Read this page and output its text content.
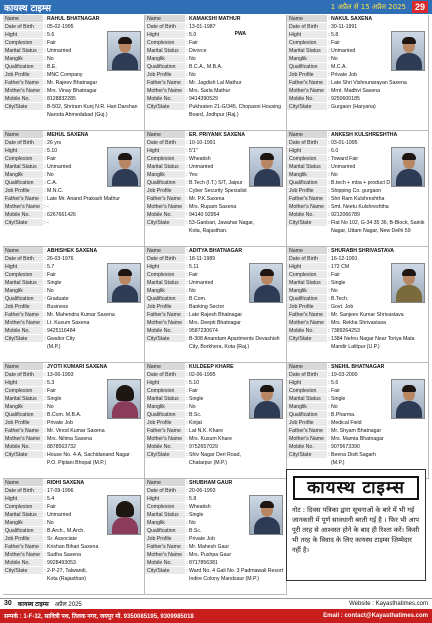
कायस्थ टाइम्स	1 अप्रैल से 15 अप्रैल 2025	29
Name	: RAHUL BHATNAGAR
Date of Birth	: 05-02-1995
Hight	: 5.6
Complexion	: Fair
Marital Status	: Unmarried
Manglik	: No
Qualification	: B.E.
Job Profile	: MNC Company
Father's Name	: Mr. Rajeev Bhatnagar
Mother's Name : Mrs. Vinay Bhatnagar
Mobile No.	: 8128832285
City/State	: B-502, Shriram Kunj N.R. Hari Darshan
Naroda Ahmedabad (Guj.)
Name	: KAMAKSHI MATHUR
Date of Birth	: 13-01-1987
Hight	: 5.0
Complexion	: Fair
Marital Status	: Divorce
Manglik	: No
Qualification	: B.C.A., M.B.A.
Job Profile	: No
Father's Name	: Mr. Jagdish Lal Mathur
Mother's Name : Mrs. Sarla Mathur
Mobile No.	: 9414390529
City/State	: Pukhraten 21-G/345, Chopasni Housing
Board, Jodhpur (Raj.)
PWA
Name	: NAKUL SAXENA
Date of Birth	: 30-11-1991
Hight	: 5.8
Complexion	: Fair
Marital Status	: Unmarried
Manglik	: No
Qualification	: M.C.A.
Job Profile	: Private Job
Father's Name	: Late Shri Vishnunarayan Saxena
Mother's Name : Mrnt. Madhvi Saxena
Mobile No.	: 9250600185
City/State	: Gurgaon (Haryana)
Name	: MEHUL SAXENA
Date of Birth	: 26 yrs
Hight	: 5.10
Complexion	: Fair
Marital Status	: Unmarried
Manglik	: No
Qualification	: C.A.
Job Profile	: M.N.C.
Father's Name	: Late Mr. Anand Prakash Mathur
Mother's Name : -
Mobile No.	: 6267661426
City/State	: -
Name	: ER. PRIYANK SAXENA
Date of Birth	: 10-10-1991
Hight	: 5'1"
Complexion	: Wheatish
Marital Status	: Unmarried
Manglik	: Yes
Qualification	: B.Tech (I.T.) S/T, Jaipur
Job Profile	: Cyber Security Specialist
Father's Name	: Mr. P.K.Saxena
Mother's Name : Mrs. Rupam Saxena
Mobile No.	: 94140 92954
City/State	: 53-Ganbari, Jawahar Nagar,
Kota, Rajasthan.
Name	: ANKESH KULSHRESHTHA
Date of Birth	: 03-01-1995
Hight	: 6.0
Complexion	: Toward Fair
Marital Status	: Unmarried
Manglik	: No
Qualification	: B.tech + mba + product D
Job Profile	: Shipping Co. gurgaon
Father's Name	: Shri Ram Kulshreshtha
Mother's Name : Smt. Neetu Kulshreshtha
Mobile No.	: 9212066789
City/State	: Flat No 102, G-34 35 36, B-Block, Sainik
Nagar, Uttam Nagar, New Delhi 59
Name	: ABHISHEK SAXENA
Date of Birth	: 26-03-1976
Hight	: 5.7
Complexion	: Fair
Marital Status	: Single
Manglik	: No
Qualification	: Graduate
Job Profile	: Business
Father's Name	: Mr. Mahendra Kumar Saxena
Mother's Name : Lt. Kusum Saxena
Mobile No.	: 9425116484
City/State	: Gwalior City
(M.P.)
Name	: ADITYA BHATNAGAR
Date of Birth	: 18-11-1989
Hight	: 5.11
Complexion	: Fair
Marital Status	: Unmarried
Manglik	: No
Qualification	: B.Com.
Job Profile	: Banking Sector
Father's Name	: Late Rajesh Bhatnagar
Mother's Name : Mrs. Deepti Bhatnagar
Mobile No.	: 9587230674
City/State	: B-308 Anandam Apartments Devashish
City, Borkhera, Kota (Raj.)
Name	: SHURABH SHRIVASTAVA
Date of Birth	: 16-12-1991
Hight	: 172 CM
Complexion	: Fair
Marital Status	: Single
Manglik	: No
Qualification	: B.Tech.
Job Profile	: Govt. Job
Father's Name	: Mr. Sanjeev Kumar Shrivastava
Mother's Name : Mrs. Rekha Shrivastava
Mobile No.	: 7389264253
City/State	: 1384 Nehru Nagar Near Toriya Mata
Mandir Lalitpur (U.P.)
Name	: JYOTI KUMARI SAXENA
Date of Birth	: 13-06-1993
Hight	: 5.3
Complexion	: Fair
Marital Status	: Single
Manglik	: No
Qualification	: B.Com. M.B.A.
Job Profile	: Private Job
Father's Name	: Mr. Vinod Kumar Saxena
Mother's Name : Mrs. Nilima Saxena
Mobile No.	: 8878563732
City/State	: House No. 4-A, Sachidanand Nagar
P.O. Piplani Bhopal (M.P.)
Name	: KULDEEP KHARE
Date of Birth	: 02-06-1995
Hight	: 5.10
Complexion	: Fair
Marital Status	: Single
Manglik	: No
Qualification	: B.Sc.
Job Profile	: Kirijat
Father's Name	: Lat N.K. Khare
Mother's Name : Mrs. Kusum Khare
Mobile No.	: 9752657029
City/State	: Shiv Nagar Deri Road,
Chatarpur (M.P.)
Name	: SNEHIL BHATNAGAR
Date of Birth	: 19-03-2000
Hight	: 5.6
Complexion	: Fair
Marital Status	: Single
Manglik	: No
Qualification	: B.Pharma.
Job Profile	: Medical Field
Father's Name	: Mr. Shyam Bhatnagar
Mother's Name : Mrs. Mamta Bhatnagar
Mobile No.	: 9079673390
City/State	: Beena Distt Sagarh
(M.P.)
Name	: RIDHI SAXENA
Date of Birth	: 17-09-1996
Hight	: 5.4
Complexion	: Fair
Marital Status	: Unmarried
Manglik	: No
Qualification	: B.Arch., M.Arch.
Job Profile	: Sr. Associate
Father's Name	: Krishan Bihari Saxena
Mother's Name : Sudha Saxena
Mobile No.	: 9928493053
City/State	: 2-P-27, Talwandi,
Kota (Rajasthan)
Name	: SHUBHAM GAUR
Date of Birth	: 20-06-1993
Hight	: 5.8
Complexion	: Wheatish
Marital Status	: Single
Manglik	: No
Qualification	: B.Sc.
Job Profile	: Private Job
Father's Name	: Mr. Mahesh Gaur
Mother's Name : Mrs. Pushpa Gaur
Mobile No.	: 8717856381
City/State	: Ward No. 4 Gali No. 3 Padmawali Resort
Indire Colony Mandsaur (M.P.)
कायस्थ टाइम्स
नोट : दिवस पत्रिका द्वारा सूचनाओं के बारे में भी गई जानकारी में पूर्ण सावधानी बरती गई है । फिर भी आप पूरी तरह से आश्वस्त होने के बाद ही रिश्ता करें। किसी भी तरह के विवाद के लिए कायस्थ टाइम्स जिम्मेदार नहीं है।
30 कायस्थ टाइम्स अप्रैल 2025	Website : Kayasthatimes.com
सम्पर्क : 1-F-32, सावित्री पथ, तिलक नगर, जयपुर मो. 9350085195, 9309985018	Email : contact@Kayasthatimes.com
